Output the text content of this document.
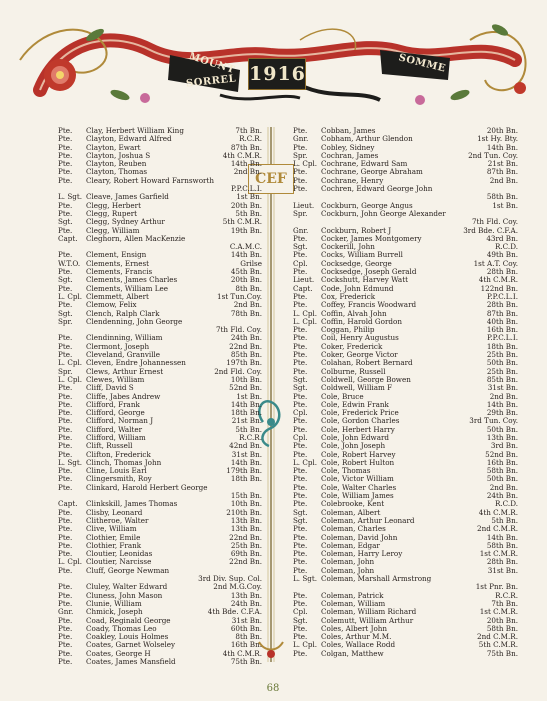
MOUNT
SORREL
SOMME
1916
CEF
Pte.	Clay, Herbert William King	7th Bn.
Pte.	Clayton, Edward Alfred	R.C.R.
Pte.	Clayton, Ewart	87th Bn.
Pte.	Clayton, Joshua S	4th C.M.R.
Pte.	Clayton, Reuben	14th Bn.
Pte.	Clayton, Thomas	2nd Bn.
Pte.	Cleary, Robert Howard Farnsworth
P.P.C.L.I.
L. Sgt. Cleave, James Garfield	1st Bn.
Pte.	Clegg, Herbert	20th Bn.
Pte.	Clegg, Rupert	5th Bn.
Sgt.	Clegg, Sydney Arthur	5th C.M.R.
Pte.	Clegg, William	19th Bn.
Capt.	Cleghorn, Allen MacKenzie
C.A.M.C.
Pte.	Clement, Ensign	14th Bn.
W.T.O. Clements, Ernest	Grilse
Pte.	Clements, Francis	45th Bn.
Sgt.	Clements, James Charles	20th Bn.
Pte.	Clements, William Lee	8th Bn.
L. Cpl. Clemmett, Albert	1st Tun.Coy.
Pte.	Clemow, Felix	2nd Bn.
Sgt.	Clench, Ralph Clark	78th Bn.
Spr.	Clendenning, John George
7th Fld. Coy.
Pte.	Clendinning, William	24th Bn.
Pte.	Clermont, Joseph	22nd Bn.
Pte.	Cleveland, Granville	85th Bn.
L. Cpl. Cleven, Endre Johannessen	197th Bn.
Spr.	Clews, Arthur Ernest	2nd Fld. Coy.
L. Cpl. Clewes, William	10th Bn.
Pte.	Cliff, David S	52nd Bn.
Pte.	Cliffe, Jabes Andrew	1st Bn.
Pte.	Clifford, Frank	14th Bn.
Pte.	Clifford, George	18th Bn.
Pte.	Clifford, Norman J	21st Bn.
Pte.	Clifford, Walter	5th Bn.
Pte.	Clifford, William	R.C.R.
Pte.	Clift, Russell	42nd Bn.
Pte.	Clifton, Frederick	31st Bn.
L. Sgt. Clinch, Thomas John	14th Bn.
Pte.	Cline, Louis Earl	179th Bn.
Pte.	Clingersmith, Roy	18th Bn.
Pte.	Clinkard, Harold Herbert George
15th Bn.
Capt.	Clinkskill, James Thomas	10th Bn.
Pte.	Clisby, Leonard	210th Bn.
Pte.	Clitheroe, Walter	13th Bn.
Pte.	Clive, William	13th Bn.
Pte.	Clothier, Emile	22nd Bn.
Pte.	Clothier, Frank	25th Bn.
Pte.	Cloutier, Leonidas	69th Bn.
L. Cpl. Cloutier, Narcisse	22nd Bn.
Pte.	Cluff, George Newman
3rd Div. Sup. Col.
Pte.	Cluley, Walter Edward	2nd M.G.Coy.
Pte.	Cluness, John Mason	13th Bn.
Pte.	Clunie, William	24th Bn.
Gnr.	Chmick, Joseph	4th Bde. C.F.A.
Pte.	Coad, Reginald George	31st Bn.
Pte.	Coady, Thomas Leo	60th Bn.
Pte.	Coakley, Louis Holmes	8th Bn.
Pte.	Coates, Garnet Wolseley	16th Bn.
Pte.	Coates, George H	4th C.M.R.
Pte.	Coates, James Mansfield	75th Bn.
Pte.	Cobban, James	20th Bn.
Gnr.	Cobham, Arthur Glendon	1st Hy. Bty.
Pte.	Cobley, Sidney	14th Bn.
Spr.	Cochran, James	2nd Tun. Coy.
L. Cpl. Cochrane, Edward Sam	21st Bn.
Pte.	Cochrane, George Abraham	87th Bn.
Pte.	Cochrane, Henry	2nd Bn.
Pte.	Cochren, Edward George John
58th Bn.
Lieut. Cockburn, George Angus	1st Bn.
Spr.	Cockburn, John George Alexander
7th Fld. Coy.
Gnr.	Cockburn, Robert J	3rd Bde. C.F.A.
Pte.	Cocker, James Montgomery	43rd Bn.
Sgt.	Cockerill, John	R.C.D.
Pte.	Cocks, William Burrell	49th Bn.
Cpl.	Cocksedge, George	1st A.T. Coy.
Pte.	Cocksedge, Joseph Gerald	28th Bn.
Lieut. Cockshutt, Harvey Watt	4th C.M.R.
Capt.	Code, John Edmund	122nd Bn.
Pte.	Cox, Frederick	P.P.C.L.I.
Pte.	Coffey, Francis Woodward	28th Bn.
L. Cpl. Coffin, Alvah John	87th Bn.
L. Cpl. Coffin, Harold Gordon	40th Bn.
Pte.	Coggan, Philip	16th Bn.
Pte.	Coil, Henry Augustus	P.P.C.L.I.
Pte.	Coker, Frederick	18th Bn.
Pte.	Coker, George Victor	25th Bn.
Pte.	Colahan, Robert Bernard	50th Bn.
Pte.	Colburne, Russell	25th Bn.
Sgt.	Coldwell, George Bowen	85th Bn.
Sgt.	Coldwell, William F	31st Bn.
Pte.	Cole, Bruce	2nd Bn.
Pte.	Cole, Edwin Frank	14th Bn.
Cpl.	Cole, Frederick Price	29th Bn.
Pte.	Cole, Gordon Charles	3rd Tun. Coy.
Pte.	Cole, Herbert Harry	50th Bn.
Cpl.	Cole, John Edward	13th Bn.
Pte.	Cole, John Joseph	3rd Bn.
Pte.	Cole, Robert Harvey	52nd Bn.
L. Cpl. Cole, Robert Hulton	16th Bn.
Pte.	Cole, Thomas	58th Bn.
Pte.	Cole, Victor William	50th Bn.
Pte.	Cole, Walter Charles	2nd Bn.
Pte.	Cole, William James	24th Bn.
Pte.	Colebrooke, Kent	R.C.D.
Sgt.	Coleman, Albert	4th C.M.R.
Sgt.	Coleman, Arthur Leonard	5th Bn.
Pte.	Coleman, Charles	2nd C.M.R.
Pte.	Coleman, David John	14th Bn.
Pte.	Coleman, Edgar	58th Bn.
Pte.	Coleman, Harry Leroy	1st C.M.R.
Pte.	Coleman, John	28th Bn.
Pte.	Coleman, John	31st Bn.
L. Sgt. Coleman, Marshall Armstrong
1st Pnr. Bn.
Pte.	Coleman, Patrick	R.C.R.
Pte.	Coleman, William	7th Bn.
Cpl.	Coleman, William Richard	1st C.M.R.
Sgt.	Colemutt, William Arthur	20th Bn.
Pte.	Coles, Albert John	58th Bn.
Pte.	Coles, Arthur M.M.	2nd C.M.R.
L. Cpl. Coles, Wallace Rodd	5th C.M.R.
Pte.	Colgan, Matthew	75th Bn.
68
